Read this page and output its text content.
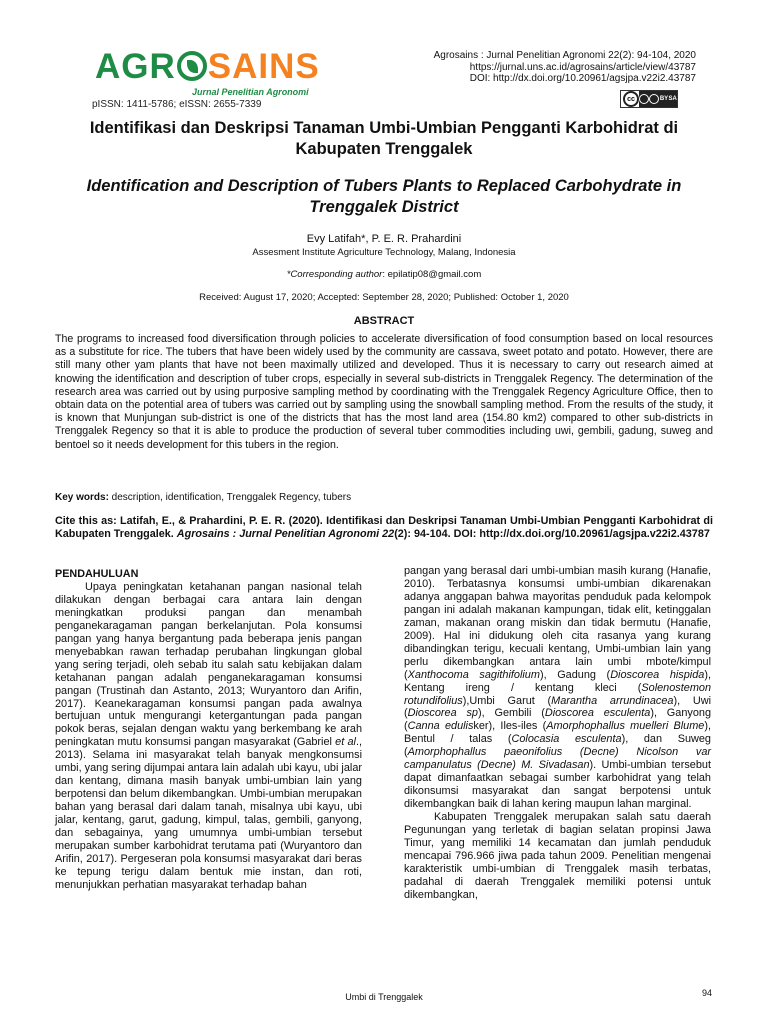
AGR SAINS
Jurnal Penelitian Agronomi
pISSN: 1411-5786; eISSN: 2655-7339
Agrosains : Jurnal Penelitian Agronomi 22(2): 94-104, 2020
https://jurnal.uns.ac.id/agrosains/article/view/43787
DOI: http://dx.doi.org/10.20961/agsjpa.v22i2.43787
cc	BY SA
Identifikasi dan Deskripsi Tanaman Umbi-Umbian Pengganti Karbohidrat di Kabupaten Trenggalek
Identification and Description of Tubers Plants to Replaced Carbohydrate in Trenggalek District
Evy Latifah*, P. E. R. Prahardini
Assesment Institute Agriculture Technology, Malang, Indonesia
*Corresponding author: epilatip08@gmail.com
Received: August 17, 2020; Accepted: September 28, 2020; Published: October 1, 2020
ABSTRACT
The programs to increased food diversification through policies to accelerate diversification of food consumption based on local resources as a substitute for rice. The tubers that have been widely used by the community are cassava, sweet potato and potato. However, there are still many other yam plants that have not been maximally utilized and developed. Thus it is necessary to carry out research aimed at knowing the identification and description of tuber crops, especially in several sub-districts in Trenggalek Regency. The determination of the research area was carried out by using purposive sampling method by coordinating with the Trenggalek Regency Agriculture Office, then to obtain data on the potential area of tubers was carried out by sampling using the snowball sampling method. From the results of the study, it is known that Munjungan sub-district is one of the districts that has the most land area (154.80 km2) compared to other sub-districts in Trenggalek Regency so that it is able to produce the production of several tuber commodities including uwi, gembili, gadung, suweg and bentoel so it needs development for this tubers in the region.
Key words: description, identification, Trenggalek Regency, tubers
Cite this as: Latifah, E., & Prahardini, P. E. R. (2020). Identifikasi dan Deskripsi Tanaman Umbi-Umbian Pengganti Karbohidrat di Kabupaten Trenggalek. Agrosains : Jurnal Penelitian Agronomi 22(2): 94-104. DOI: http://dx.doi.org/10.20961/agsjpa.v22i2.43787

PENDAHULUAN

Upaya peningkatan ketahanan pangan nasional telah dilakukan dengan berbagai cara antara lain dengan meningkatkan produksi pangan dan menambah penganekaragaman pangan berkelanjutan. Pola konsumsi pangan yang hanya bergantung pada beberapa jenis pangan menyebabkan rawan terhadap perubahan lingkungan global yang sering terjadi, oleh sebab itu salah satu kebijakan dalam ketahanan pangan adalah penganekaragaman konsumsi pangan (Trustinah dan Astanto, 2013; Wuryantoro dan Arifin, 2017). Keanekaragaman konsumsi pangan pada awalnya bertujuan untuk mengurangi ketergantungan pada pangan pokok beras, sejalan dengan waktu yang berkembang ke arah peningkatan mutu konsumsi pangan masyarakat (Gabriel et al., 2013). Selama ini masyarakat telah banyak mengkonsumsi umbi, yang sering dijumpai antara lain adalah ubi kayu, ubi jalar dan kentang, dimana masih banyak umbi-umbian lain yang berpotensi dan belum dikembangkan. Umbi-umbian merupakan bahan yang berasal dari dalam tanah, misalnya ubi kayu, ubi jalar, kentang, garut, gadung, kimpul, talas, gembili, ganyong, dan sebagainya, yang umumnya umbi-umbian tersebut merupakan sumber karbohidrat terutama pati (Wuryantoro dan Arifin, 2017). Pergeseran pola konsumsi masyarakat dari beras ke tepung terigu dalam bentuk mie instan, dan roti, menunjukkan perhatian masyarakat terhadap bahan

pangan yang berasal dari umbi-umbian masih kurang (Hanafie, 2010). Terbatasnya konsumsi umbi-umbian dikarenakan adanya anggapan bahwa mayoritas penduduk pada kelompok pangan ini adalah makanan kampungan, tidak elit, ketinggalan zaman, makanan orang miskin dan tidak bermutu (Hanafie, 2009). Hal ini didukung oleh cita rasanya yang kurang dibandingkan terigu, kecuali kentang, Umbi-umbian lain yang perlu dikembangkan antara lain umbi mbote/kimpul (Xanthocoma sagithifolium), Gadung (Dioscorea hispida), Kentang ireng / kentang kleci (Solenostemon rotundifolius),Umbi Garut (Marantha arrundinacea), Uwi (Dioscorea sp), Gembili (Dioscorea esculenta), Ganyong (Canna edulisker), Iles-iles (Amorphophallus muelleri Blume), Bentul / talas (Colocasia esculenta), dan Suweg (Amorphophallus paeonifolius (Decne) Nicolson var campanulatus (Decne) M. Sivadasan). Umbi-umbian tersebut dapat dimanfaatkan sebagai sumber karbohidrat yang telah dikonsumsi masyarakat dan sangat berpotensi untuk dikembangkan baik di lahan kering maupun lahan marginal.

Kabupaten Trenggalek merupakan salah satu daerah Pegunungan yang terletak di bagian selatan propinsi Jawa Timur, yang memiliki 14 kecamatan dan jumlah penduduk mencapai 796.966 jiwa pada tahun 2009. Penelitian mengenai karakteristik umbi-umbian di Trenggalek masih terbatas, padahal di daerah Trenggalek memiliki potensi untuk dikembangkan,

Umbi di Trenggalek	94
